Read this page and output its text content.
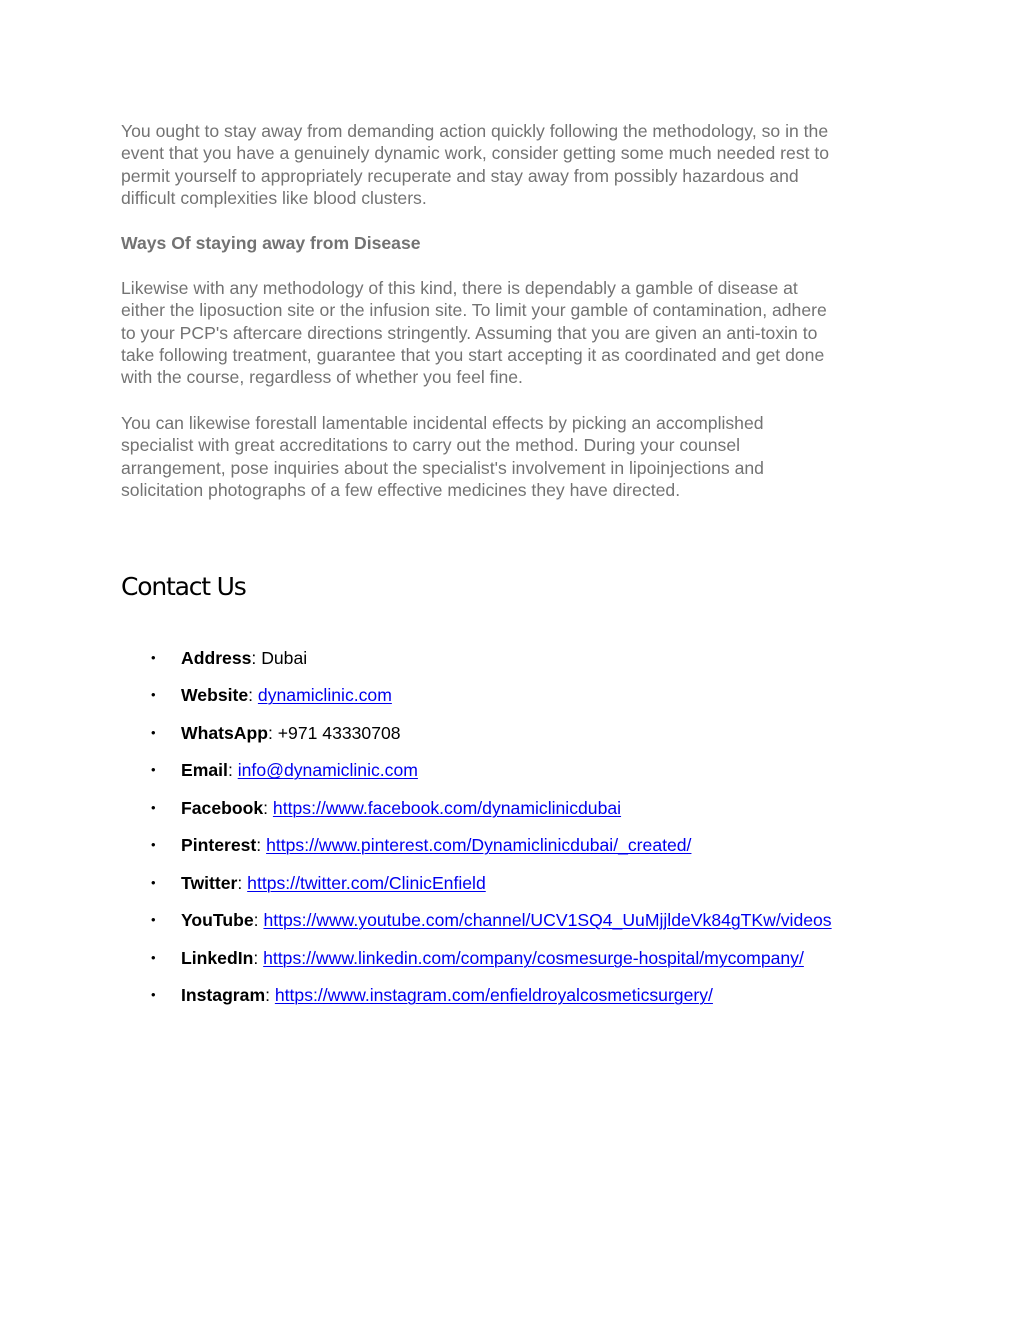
You ought to stay away from demanding action quickly following the methodology, so in the
event that you have a genuinely dynamic work, consider getting some much needed rest to
permit yourself to appropriately recuperate and stay away from possibly hazardous and
difficult complexities like blood clusters.

Ways Of staying away from Disease

Likewise with any methodology of this kind, there is dependably a gamble of disease at
either the liposuction site or the infusion site. To limit your gamble of contamination, adhere
to your PCP's aftercare directions stringently. Assuming that you are given an anti-toxin to
take following treatment, guarantee that you start accepting it as coordinated and get done
with the course, regardless of whether you feel fine.

You can likewise forestall lamentable incidental effects by picking an accomplished
specialist with great accreditations to carry out the method. During your counsel
arrangement, pose inquiries about the specialist's involvement in lipoinjections and
solicitation photographs of a few effective medicines they have directed.

Contact Us
• Address: Dubai
• Website: dynamiclinic.com
• WhatsApp: +971 43330708
• Email: info@dynamiclinic.com
• Facebook: https://www.facebook.com/dynamiclinicdubai
• Pinterest: https://www.pinterest.com/Dynamiclinicdubai/_created/
• Twitter: https://twitter.com/ClinicEnfield
• YouTube: https://www.youtube.com/channel/UCV1SQ4_UuMjjldeVk84gTKw/videos
• LinkedIn: https://www.linkedin.com/company/cosmesurge-hospital/mycompany/
• Instagram: https://www.instagram.com/enfieldroyalcosmeticsurgery/
